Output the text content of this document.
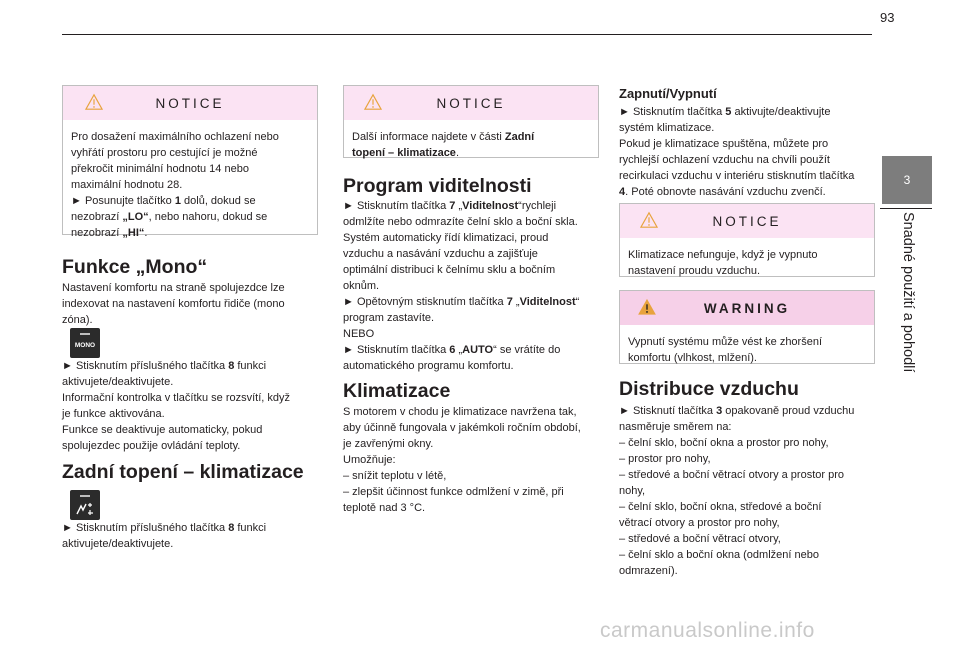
93
3
Snadné použití a pohodlí
NOTICE
Pro dosažení maximálního ochlazení nebo
vyhřátí prostoru pro cestující je možné
překročit minimální hodnotu 14 nebo
maximální hodnotu 28.
► Posunujte tlačítko 1 dolů, dokud se
nezobrazí „LO“, nebo nahoru, dokud se
nezobrazí „HI“.
Funkce „Mono“
Nastavení komfortu na straně spolujezdce lze
indexovat na nastavení komfortu řidiče (mono
zóna).
MONO
► Stisknutím příslušného tlačítka 8 funkci
aktivujete/deaktivujete.
Informační kontrolka v tlačítku se rozsvítí, když
je funkce aktivována.
Funkce se deaktivuje automaticky, pokud
spolujezdec použije ovládání teploty.
Zadní topení – klimatizace
► Stisknutím příslušného tlačítka 8 funkci
aktivujete/deaktivujete.
NOTICE
Další informace najdete v části Zadní
topení – klimatizace.
Program viditelnosti
► Stisknutím tlačítka 7 „Viditelnost“rychleji
odmlžíte nebo odmrazíte čelní sklo a boční skla.
Systém automaticky řídí klimatizaci, proud
vzduchu a nasávání vzduchu a zajišťuje
optimální distribuci k čelnímu sklu a bočním
oknům.
► Opětovným stisknutím tlačítka 7 „Viditelnost“
program zastavíte.
NEBO
► Stisknutím tlačítka 6 „AUTO“ se vrátíte do
automatického programu komfortu.
Klimatizace
S motorem v chodu je klimatizace navržena tak,
aby účinně fungovala v jakémkoli ročním období,
je zavřenými okny.
Umožňuje:
– snížit teplotu v létě,
– zlepšit účinnost funkce odmlžení v zimě, při
teplotě nad 3 °C.
Zapnutí/Vypnutí
► Stisknutím tlačítka 5 aktivujte/deaktivujte
systém klimatizace.
Pokud je klimatizace spuštěna, můžete pro
rychlejší ochlazení vzduchu na chvíli použít
recirkulaci vzduchu v interiéru stisknutím tlačítka
4. Poté obnovte nasávání vzduchu zvenčí.
NOTICE
Klimatizace nefunguje, když je vypnuto
nastavení proudu vzduchu.
WARNING
Vypnutí systému může vést ke zhoršení
komfortu (vlhkost, mlžení).
Distribuce vzduchu
► Stisknutí tlačítka 3 opakovaně proud vzduchu
nasměruje směrem na:
– čelní sklo, boční okna a prostor pro nohy,
– prostor pro nohy,
– středové a boční větrací otvory a prostor pro
nohy,
– čelní sklo, boční okna, středové a boční
větrací otvory a prostor pro nohy,
– středové a boční větrací otvory,
– čelní sklo a boční okna (odmlžení nebo
odmrazení).
carmanualsonline.info
